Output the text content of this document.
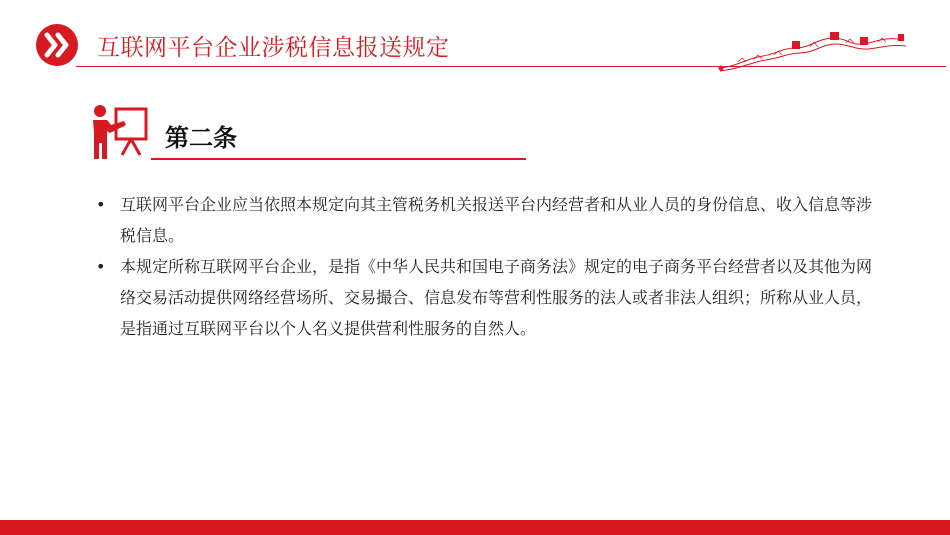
互联网平台企业涉税信息报送规定
第二条
• 互联网平台企业应当依照本规定向其主管税务机关报送平台内经营者和从业人员的身份信息、收入信息等涉税信息。
• 本规定所称互联网平台企业，是指《中华人民共和国电子商务法》规定的电子商务平台经营者以及其他为网络交易活动提供网络经营场所、交易撮合、信息发布等营利性服务的法人或者非法人组织；所称从业人员，是指通过互联网平台以个人名义提供营利性服务的自然人。
